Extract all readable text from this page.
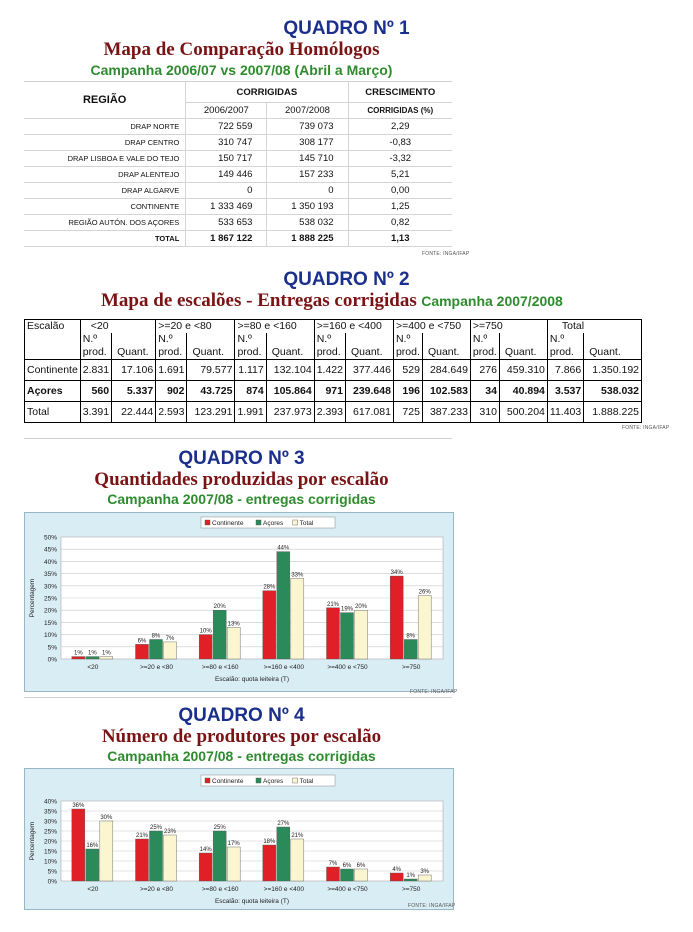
QUADRO Nº 1
Mapa de Comparação Homólogos
Campanha 2006/07 vs 2007/08 (Abril a Março)
REGIÃO	CORRIGIDAS		CRESCIMENTO
	2006/2007	2007/2008	CORRIGIDAS (%)
DRAP NORTE	722 559	739 073	2,29
DRAP CENTRO	310 747	308 177	-0,83
DRAP LISBOA E VALE DO TEJO	150 717	145 710	-3,32
DRAP ALENTEJO	149 446	157 233	5,21
DRAP ALGARVE	0	0	0,00
CONTINENTE	1 333 469	1 350 193	1,25
REGIÃO AUTÓN. DOS AÇORES	533 653	538 032	0,82
TOTAL	1 867 122	1 888 225	1,13
FONTE: INGA/IFAP
QUADRO Nº 2
Mapa de escalões - Entregas corrigidas Campanha 2007/2008
Escalão	<20		>=20 e <80		>=80 e <160		>=160 e <400		>=400 e <750		>=750		Total	
	N.º prod.	Quant.	N.º prod.	Quant.	N.º prod.	Quant.	N.º prod.	Quant.	N.º prod.	Quant.	N.º prod.	Quant.	N.º prod.	Quant.
Continente	2.831	17.106	1.691	79.577	1.117	132.104	1.422	377.446	529	284.649	276	459.310	7.866	1.350.192
Açores	560	5.337	902	43.725	874	105.864	971	239.648	196	102.583	34	40.894	3.537	538.032
Total	3.391	22.444	2.593	123.291	1.991	237.973	2.393	617.081	725	387.233	310	500.204	11.403	1.888.225
FONTE: INGA/IFAP
QUADRO Nº 3
Quantidades produzidas por escalão
Campanha 2007/08 - entregas corrigidas
0%
5%
10%
15%
20%
25%
30%
35%
40%
45%
50%
Percentagem
1% 1% 1%
<20
6%
8% 7%
>=20 e <80
10%
20%
13%
>=80 e <160
28%
44%
33%
>=160 e <400
21%
19% 20%
>=400 e <750
34%
8%
26%
>=750
Escalão: quota leiteira (T)
Continente	Açores	Total
FONTE: INGA/IFAP
QUADRO Nº 4
Número de produtores por escalão
Campanha 2007/08 - entregas corrigidas
0%
5%
10%
15%
20%
25%
30%
35%
40%
Percentagem
36%
16%
30%
<20
21%
25%
23%
>=20 e <80
14%
25%
17%
>=80 e <160
18%
27%
21%
>=160 e <400
7% 6% 6%
>=400 e <750
4%
1%
3%
>=750
Escalão: quota leiteira (T)
Continente	Açores	Total
FONTE: INGA/IFAP
